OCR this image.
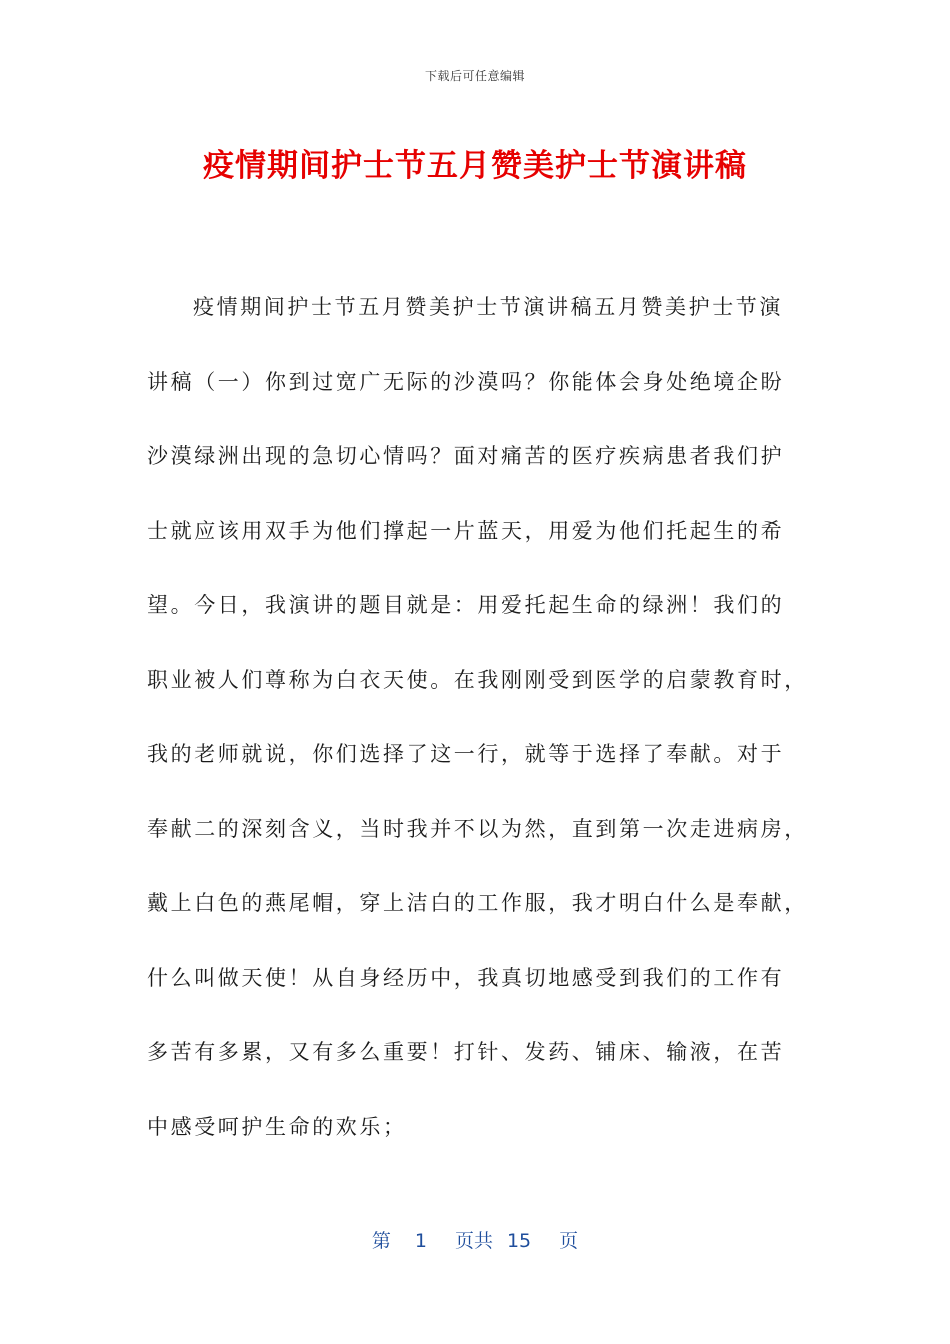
下载后可任意编辑
疫情期间护士节五月赞美护士节演讲稿
疫情期间护士节五月赞美护士节演讲稿五月赞美护士节演
讲稿（一）你到过宽广无际的沙漠吗？你能体会身处绝境企盼
沙漠绿洲出现的急切心情吗？面对痛苦的医疗疾病患者我们护
士就应该用双手为他们撑起一片蓝天，用爱为他们托起生的希
望。今日，我演讲的题目就是：用爱托起生命的绿洲！我们的
职业被人们尊称为白衣天使。在我刚刚受到医学的启蒙教育时，
我的老师就说，你们选择了这一行，就等于选择了奉献。对于
奉献二的深刻含义，当时我并不以为然，直到第一次走进病房，
戴上白色的燕尾帽，穿上洁白的工作服，我才明白什么是奉献，
什么叫做天使！从自身经历中，我真切地感受到我们的工作有
多苦有多累，又有多么重要！打针、发药、铺床、输液，在苦
中感受呵护生命的欢乐；
第 1 页共 15 页
